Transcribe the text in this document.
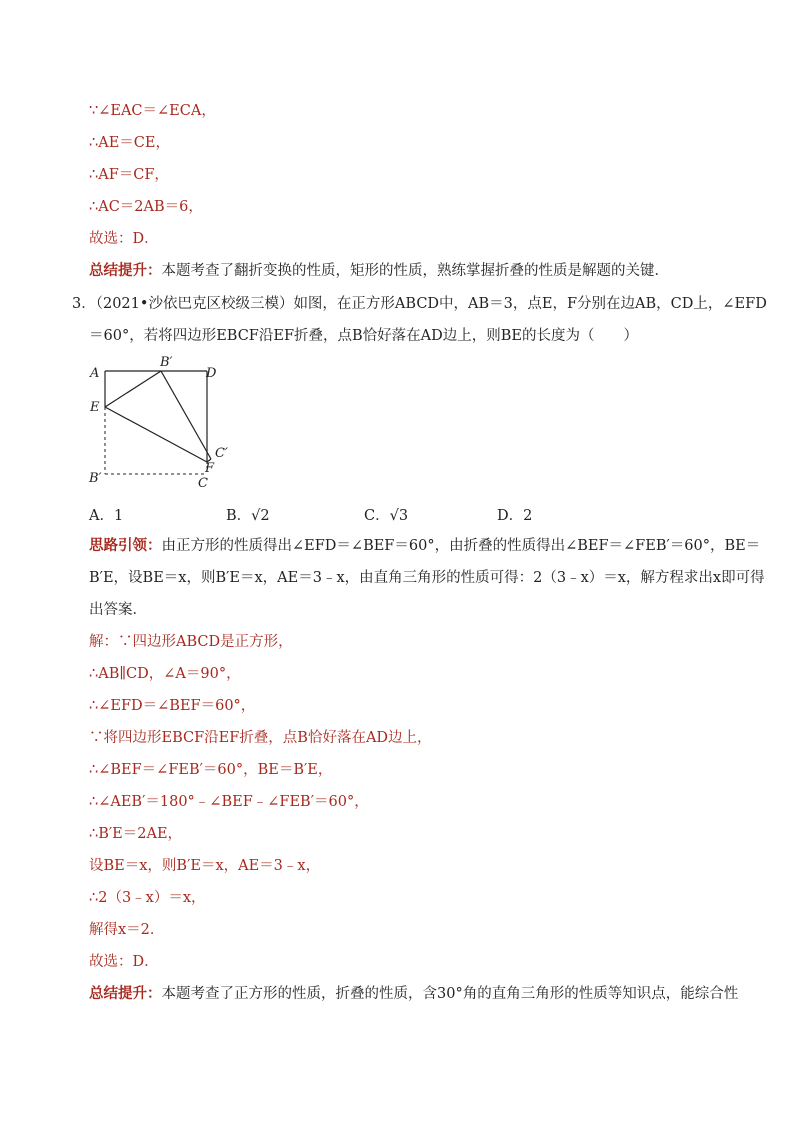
∵∠EAC＝∠ECA，
∴AE＝CE，
∴AF＝CF，
∴AC＝2AB＝6，
故选：D．
总结提升：本题考查了翻折变换的性质，矩形的性质，熟练掌握折叠的性质是解题的关键．
3．（2021•沙依巴克区校级三模）如图，在正方形ABCD中，AB＝3，点E，F分别在边AB，CD上，∠EFD
＝60°，若将四边形EBCF沿EF折叠，点B恰好落在AD边上，则BE的长度为（　　）
A
B′
D
E
C′
F
B′	C
A．1	B．√2	C．√3	D．2
思路引领：由正方形的性质得出∠EFD＝∠BEF＝60°，由折叠的性质得出∠BEF＝∠FEB′＝60°，BE＝
B′E，设BE＝x，则B′E＝x，AE＝3﹣x，由直角三角形的性质可得：2（3﹣x）＝x，解方程求出x即可得
出答案．
解：∵四边形ABCD是正方形，
∴AB∥CD，∠A＝90°，
∴∠EFD＝∠BEF＝60°，
∵将四边形EBCF沿EF折叠，点B恰好落在AD边上，
∴∠BEF＝∠FEB′＝60°，BE＝B′E，
∴∠AEB′＝180°﹣∠BEF﹣∠FEB′＝60°，
∴B′E＝2AE，
设BE＝x，则B′E＝x，AE＝3﹣x，
∴2（3﹣x）＝x，
解得x＝2．
故选：D．
总结提升：本题考查了正方形的性质，折叠的性质，含30°角的直角三角形的性质等知识点，能综合性
